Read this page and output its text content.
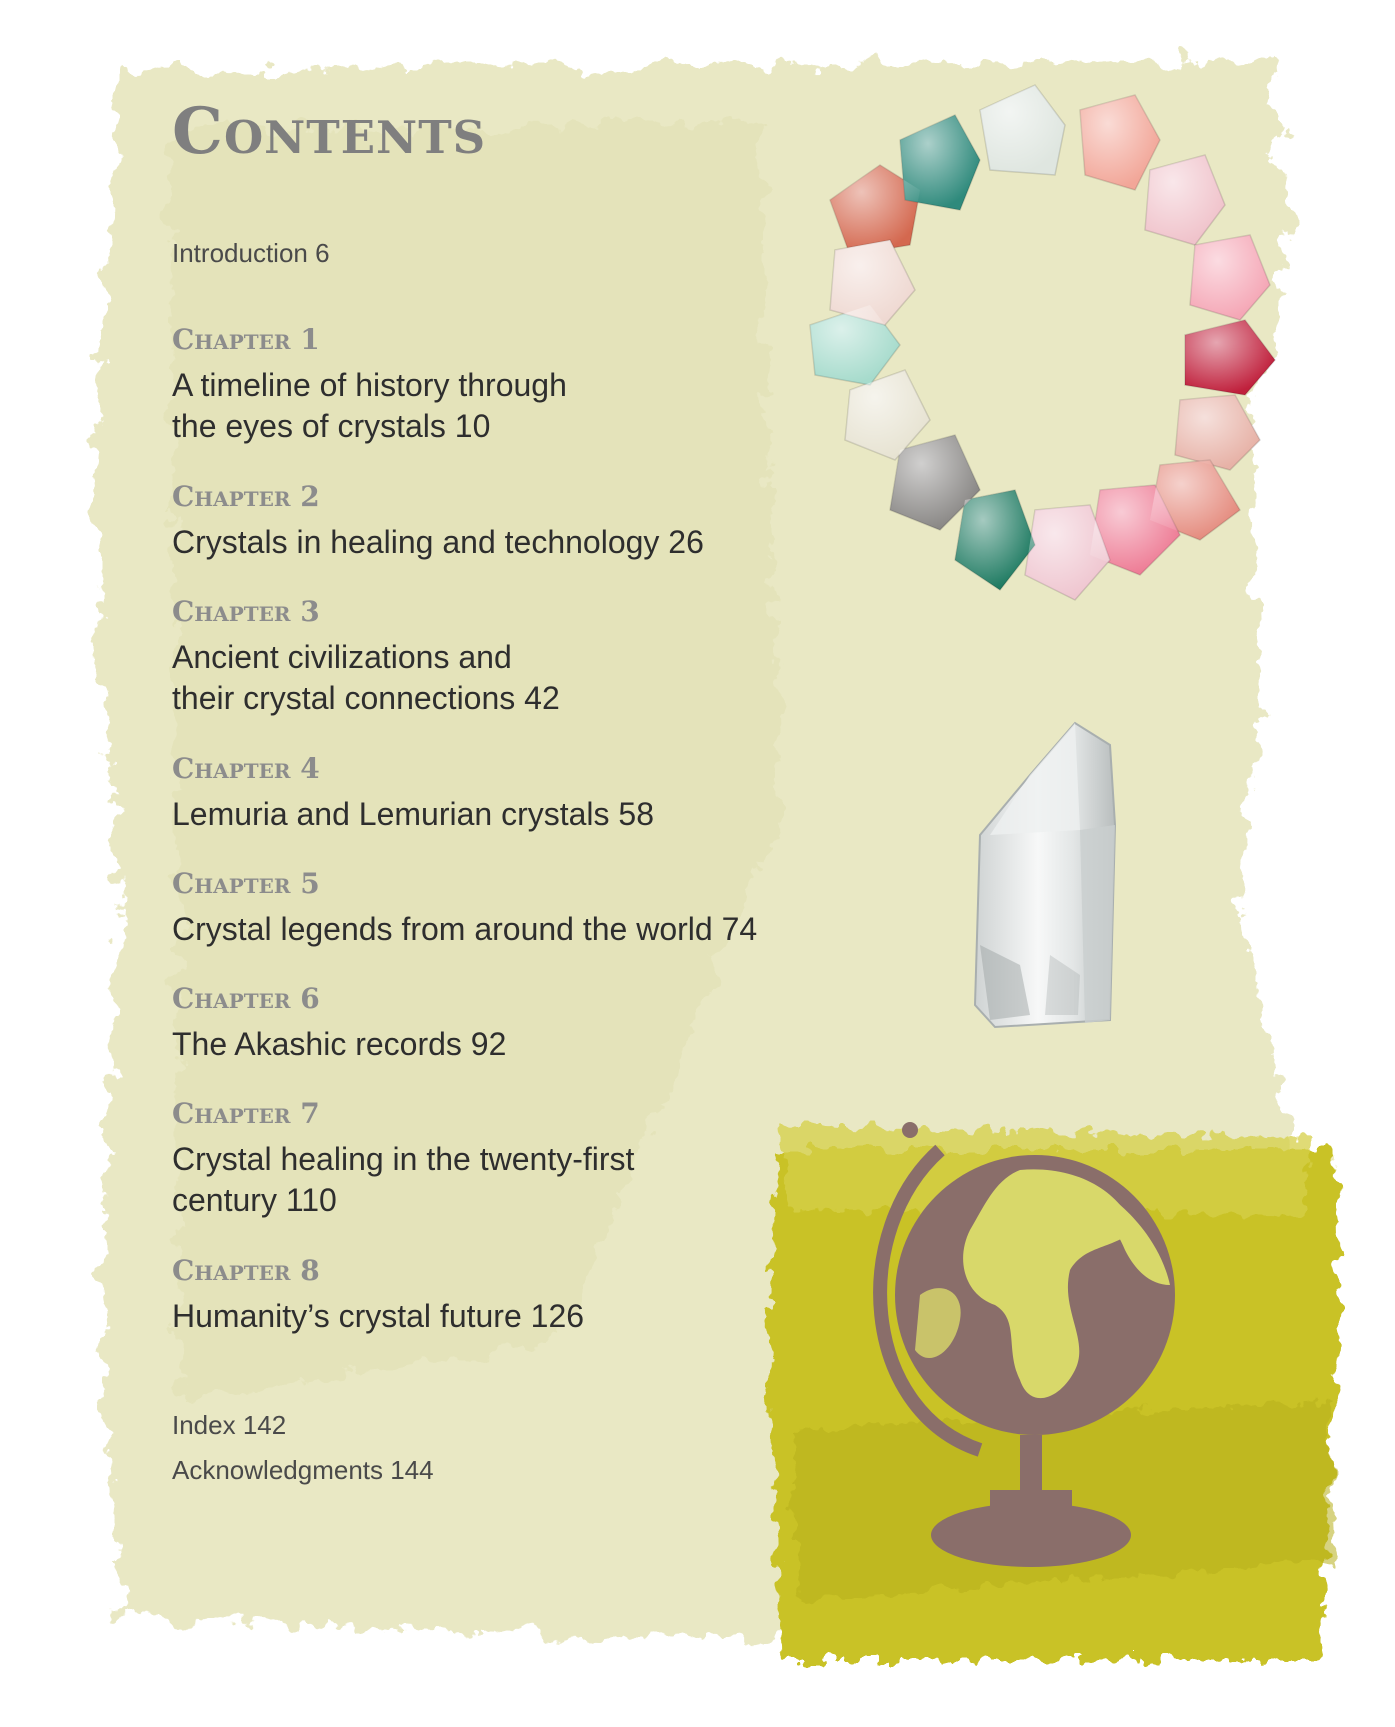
Contents
Introduction 6
Chapter 1
A timeline of history through
the eyes of crystals 10
Chapter 2
Crystals in healing and technology 26
Chapter 3
Ancient civilizations and
their crystal connections 42
Chapter 4
Lemuria and Lemurian crystals 58
Chapter 5
Crystal legends from around the world 74
Chapter 6
The Akashic records 92
Chapter 7
Crystal healing in the twenty-first
century 110
Chapter 8
Humanity’s crystal future 126
Index 142
Acknowledgments 144
